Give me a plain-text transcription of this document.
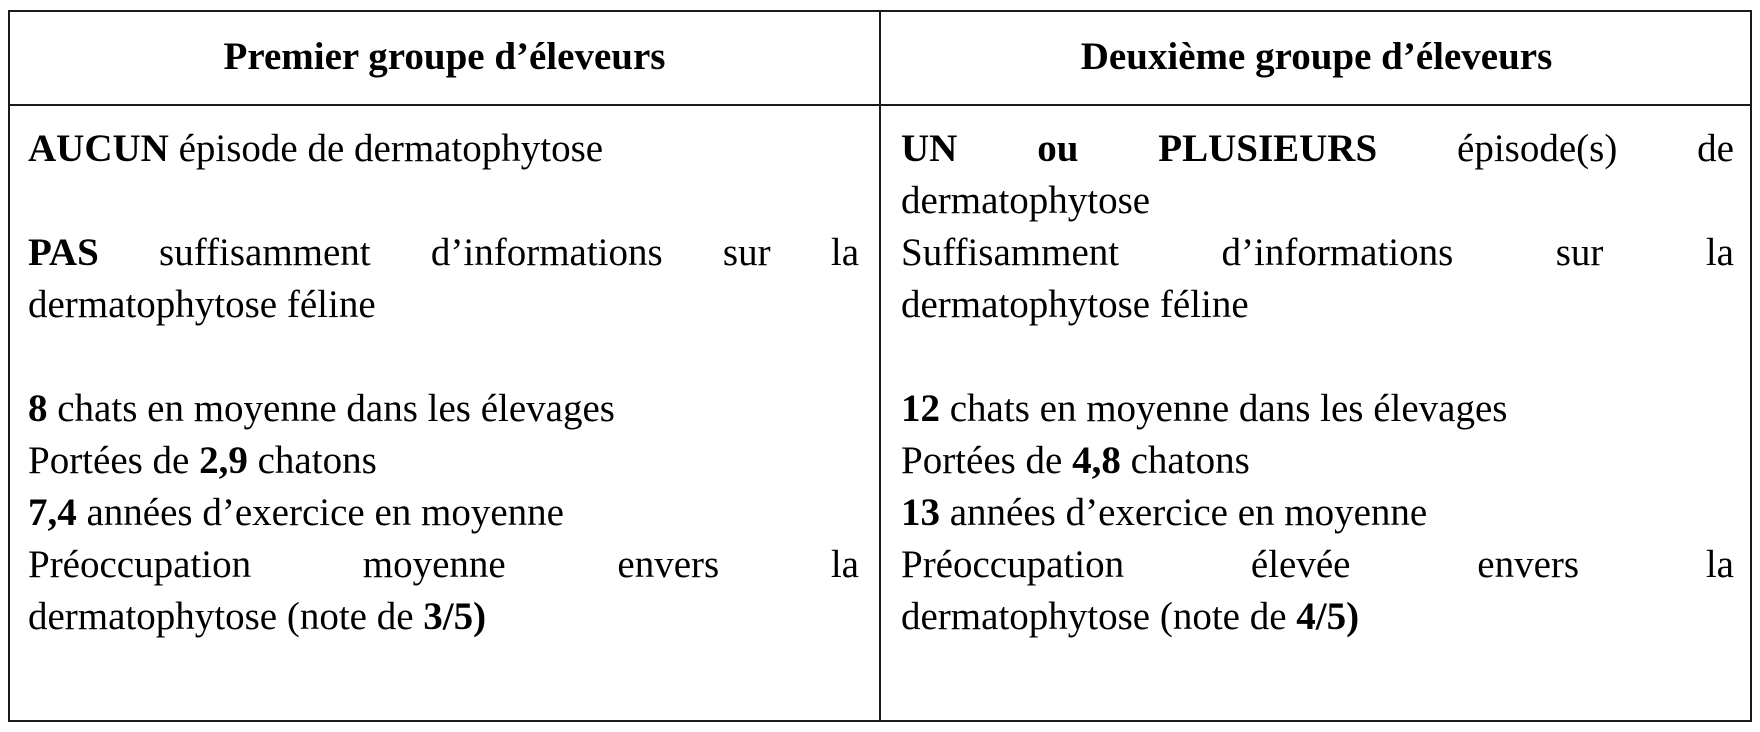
Premier groupe d’éleveurs	Deuxième groupe d’éleveurs
AUCUN épisode de dermatophytose
PAS suffisamment d’informations sur la
dermatophytose féline
8 chats en moyenne dans les élevages
Portées de 2,9 chatons
7,4 années d’exercice en moyenne
Préoccupation moyenne envers la
dermatophytose (note de 3/5)
UN ou PLUSIEURS épisode(s) de
dermatophytose
Suffisamment d’informations sur la
dermatophytose féline
12 chats en moyenne dans les élevages
Portées de 4,8 chatons
13 années d’exercice en moyenne
Préoccupation élevée envers la
dermatophytose (note de 4/5)
